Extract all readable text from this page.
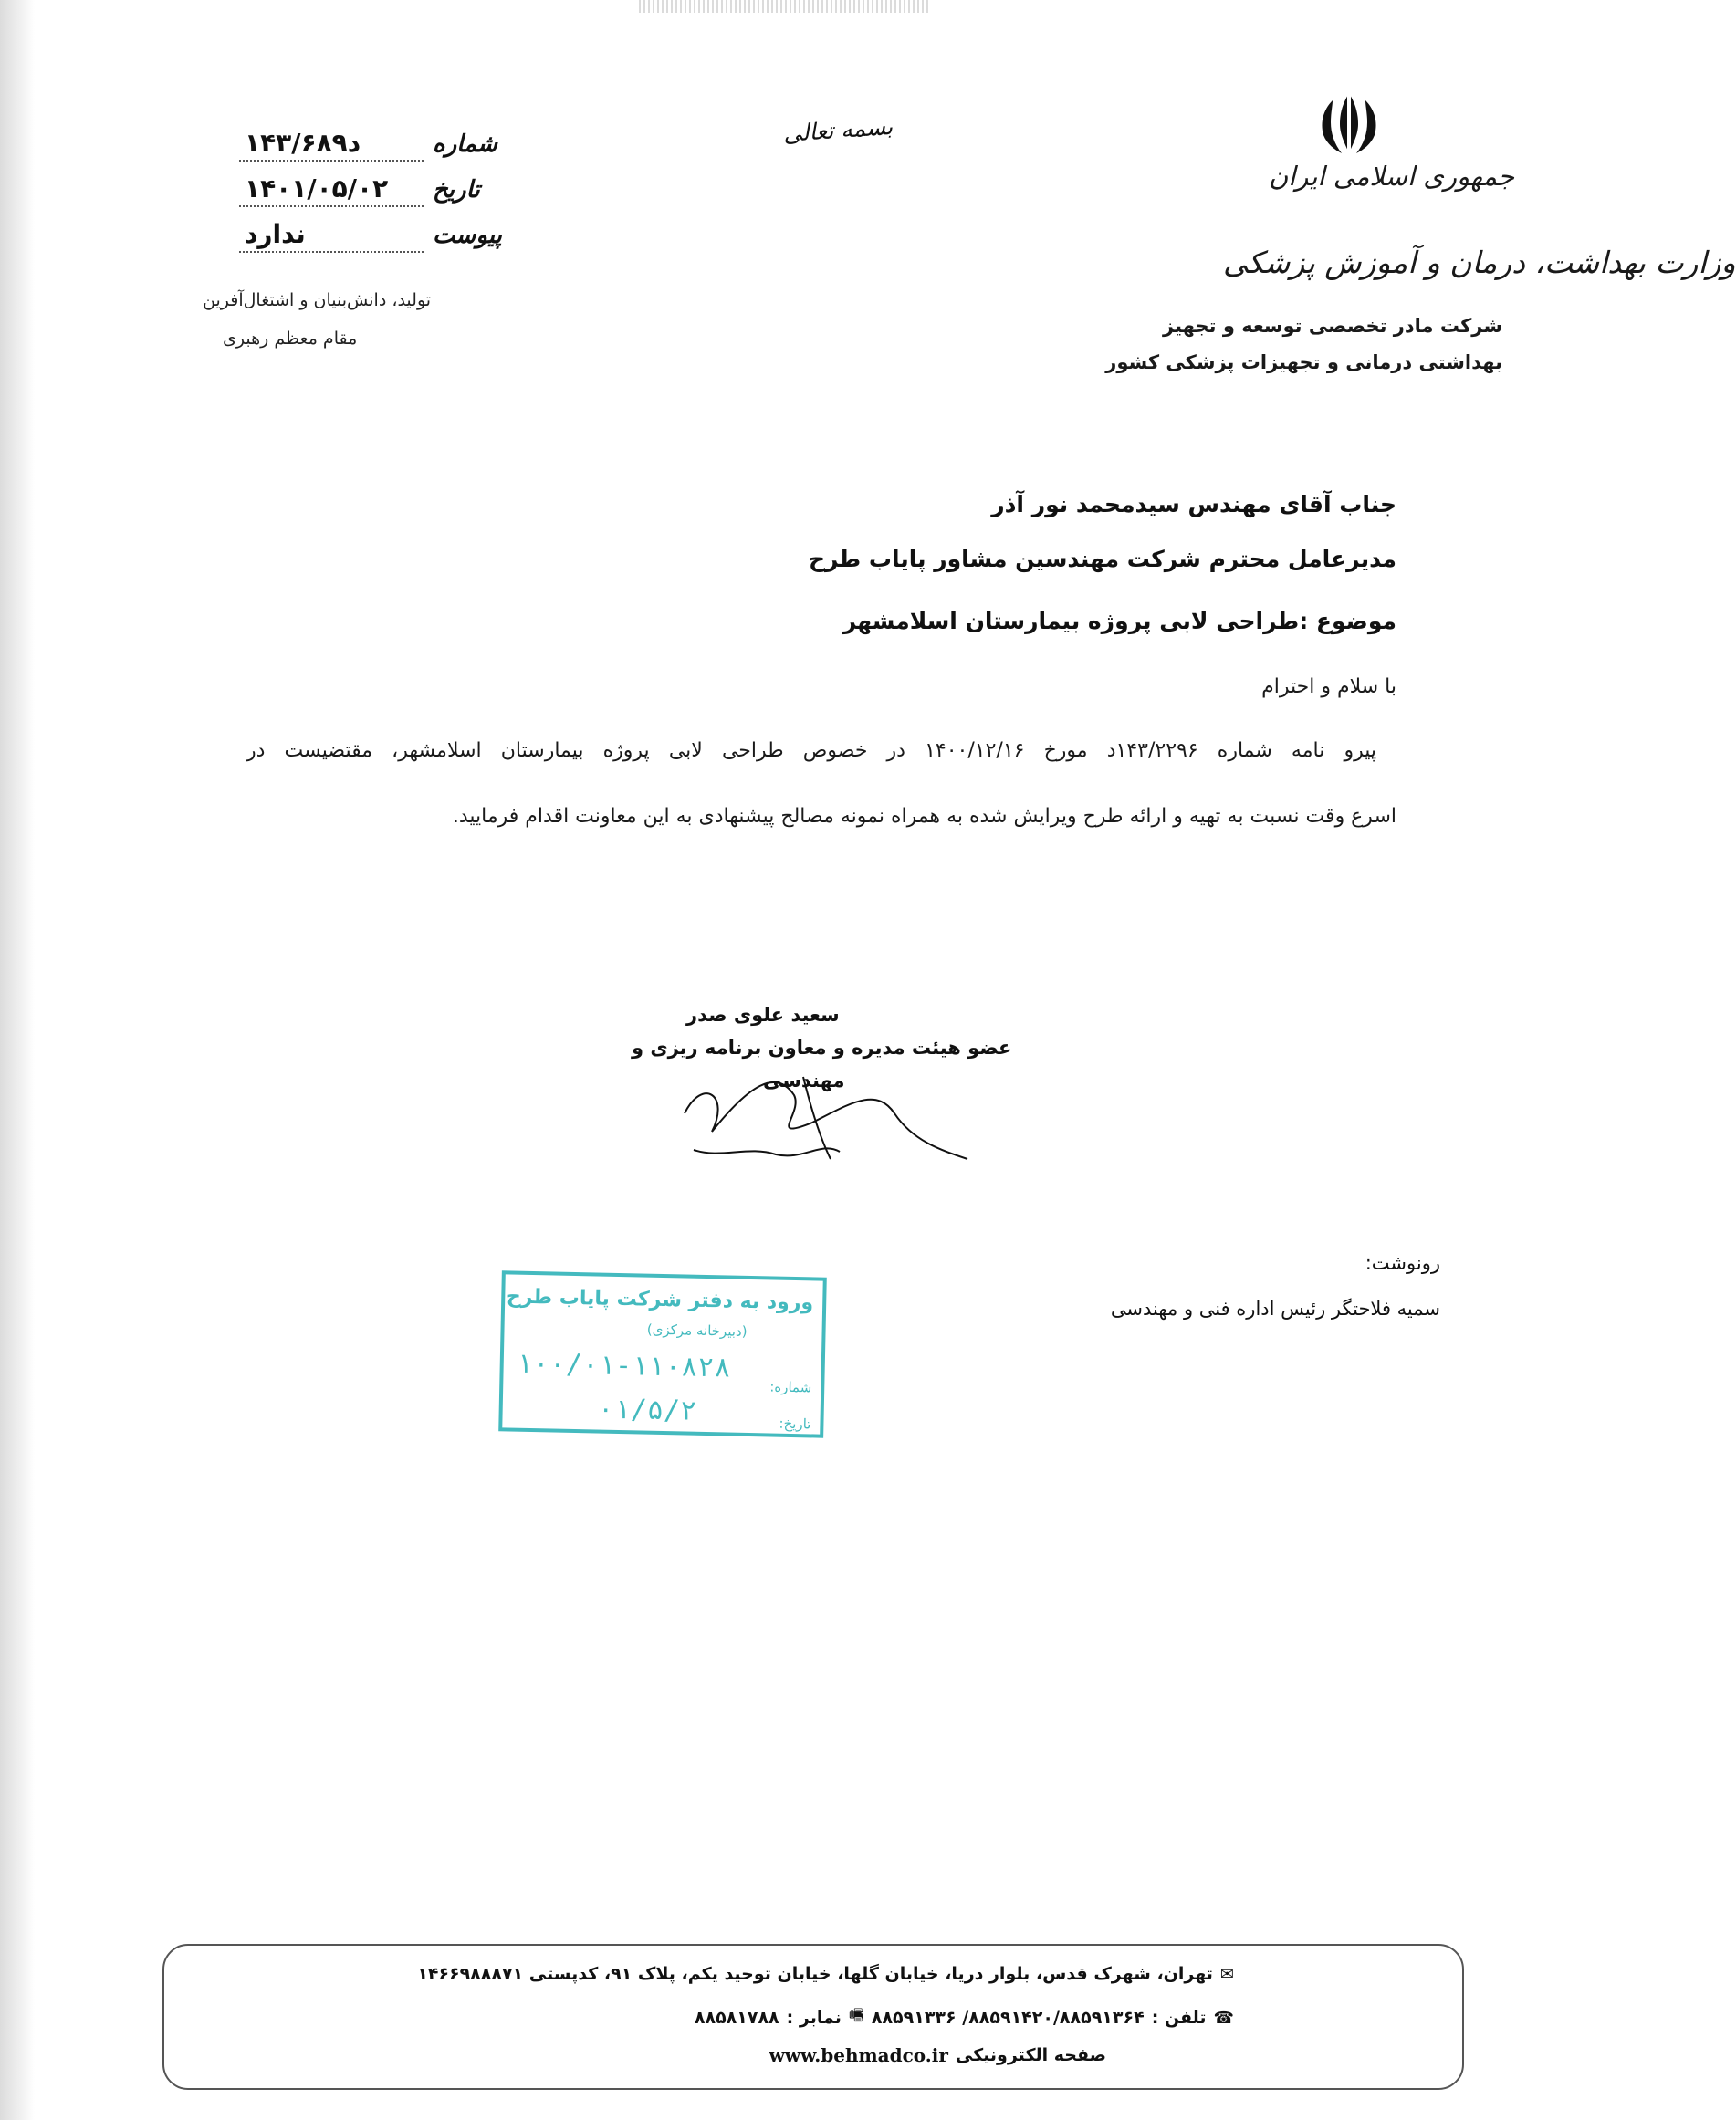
جمهوری اسلامی ایران
وزارت بهداشت، درمان و آموزش پزشکی
شرکت مادر تخصصی توسعه و تجهیز
بهداشتی درمانی و تجهیزات پزشکی کشور
بسمه تعالی
شماره
۱۴۳/۶۸۹د
تاریخ
۱۴۰۱/۰۵/۰۲
پیوست
ندارد
تولید، دانش‌بنیان و اشتغال‌آفرین
مقام معظم رهبری
جناب آقای مهندس سیدمحمد نور آذر
مدیرعامل محترم شرکت مهندسین مشاور پایاب طرح
موضوع :طراحی لابی پروژه بیمارستان اسلامشهر
با سلام و احترام
پیرو نامه شماره ۱۴۳/۲۲۹۶د مورخ ۱۴۰۰/۱۲/۱۶ در خصوص طراحی لابی پروژه بیمارستان اسلامشهر، مقتضیست در
اسرع وقت نسبت به تهیه و ارائه طرح ویرایش شده به همراه نمونه مصالح پیشنهادی به این معاونت اقدام فرمایید.
سعید علوی صدر
عضو هیئت مدیره و معاون برنامه ریزی و
مهندسی
رونوشت:
سمیه فلاحتگر رئیس اداره فنی و مهندسی
ورود به دفتر شرکت پایاب طرح
(دبیرخانه مرکزی)
شماره:
تاریخ:
۱۰۰/۰۱-۱۱۰۸۲۸
۰۱/۵/۲
✉
تهران، شهرک قدس، بلوار دریا، خیابان گلها، خیابان توحید یکم، پلاک ۹۱، کدپستی ۱۴۶۶۹۸۸۸۷۱
☎
تلفن :
۸۸۵۹۱۴۲۰/۸۸۵۹۱۳۶۴/ ۸۸۵۹۱۳۳۶
🖷
نمابر :
۸۸۵۸۱۷۸۸
صفحه الکترونیکی
www.behmadco.ir
